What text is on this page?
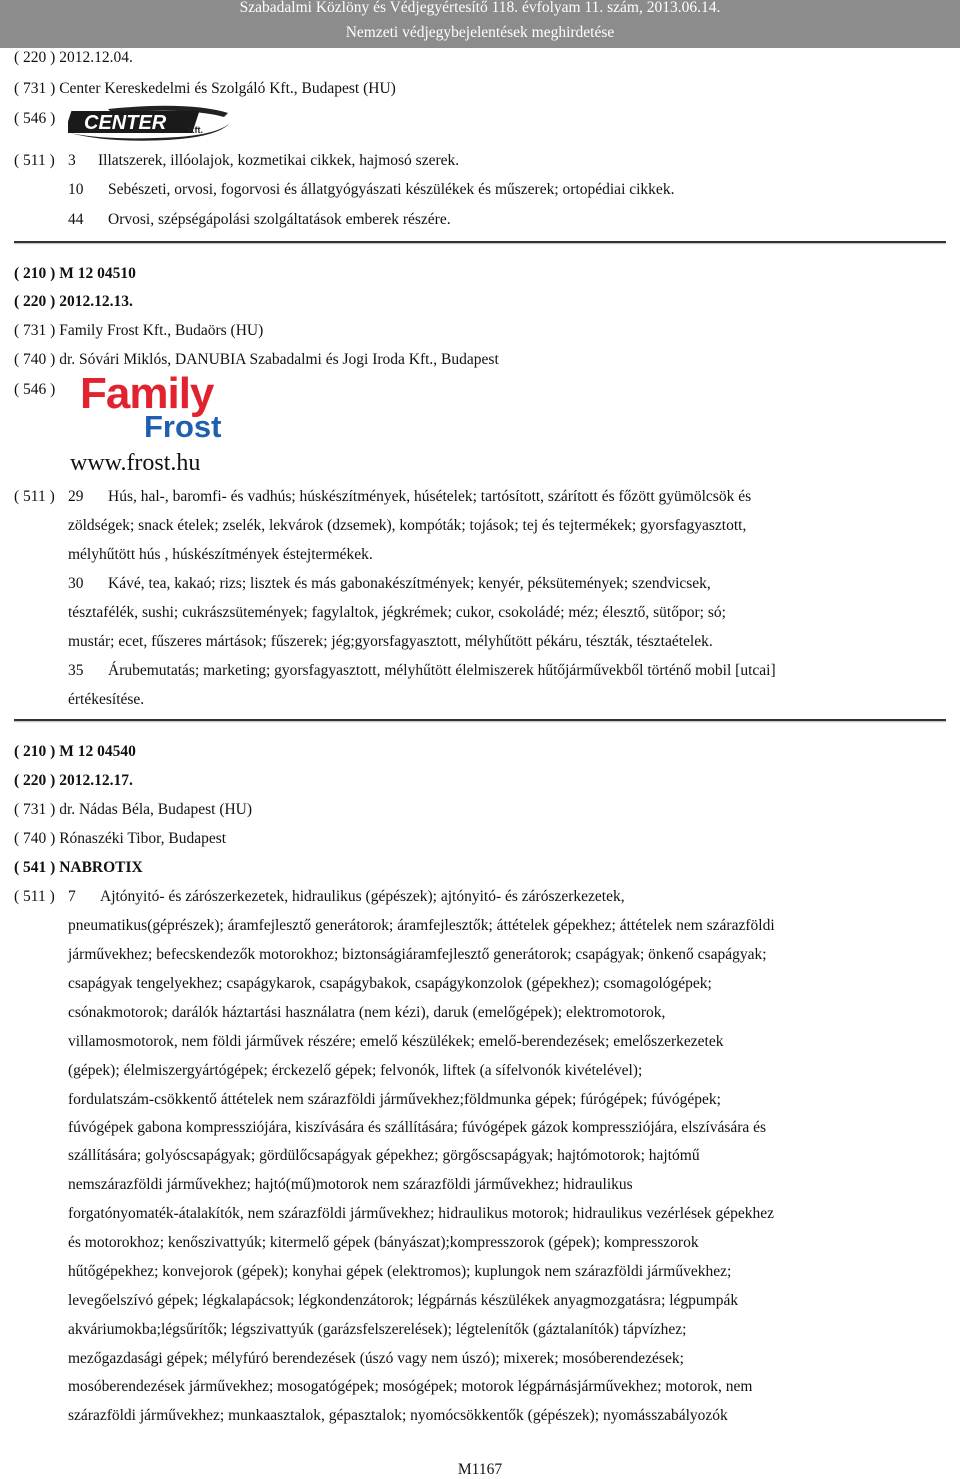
Szabadalmi Közlöny és Védjegyértesítő 118. évfolyam 11. szám, 2013.06.14.
Nemzeti védjegybejelentések meghirdetése
( 220 ) 2012.12.04.
( 731 ) Center Kereskedelmi és Szolgáló Kft., Budapest (HU)
( 546 ) CENTER Kft.
( 511 ) 3 Illatszerek, illóolajok, kozmetikai cikkek, hajmosó szerek.
10 Sebészeti, orvosi, fogorvosi és állatgyógyászati készülékek és műszerek; ortopédiai cikkek.
44 Orvosi, szépségápolási szolgáltatások emberek részére.
( 210 ) M 12 04510
( 220 ) 2012.12.13.
( 731 ) Family Frost Kft., Budaörs (HU)
( 740 ) dr. Sóvári Miklós, DANUBIA Szabadalmi és Jogi Iroda Kft., Budapest
( 546 ) Family
Frost
www.frost.hu
( 511 ) 29 Hús, hal-, baromfi- és vadhús; húskészítmények, húsételek; tartósított, szárított és főzött gyümölcsök és
zöldségek; snack ételek; zselék, lekvárok (dzsemek), kompóták; tojások; tej és tejtermékek; gyorsfagyasztott,
mélyhűtött hús , húskészítmények éstejtermékek.
30 Kávé, tea, kakaó; rizs; lisztek és más gabonakészítmények; kenyér, péksütemények; szendvicsek,
tésztafélék, sushi; cukrászsütemények; fagylaltok, jégkrémek; cukor, csokoládé; méz; élesztő, sütőpor; só;
mustár; ecet, fűszeres mártások; fűszerek; jég;gyorsfagyasztott, mélyhűtött pékáru, tészták, tésztaételek.
35 Árubemutatás; marketing; gyorsfagyasztott, mélyhűtött élelmiszerek hűtőjárművekből történő mobil [utcai]
értékesítése.
( 210 ) M 12 04540
( 220 ) 2012.12.17.
( 731 ) dr. Nádas Béla, Budapest (HU)
( 740 ) Rónaszéki Tibor, Budapest
( 541 ) NABROTIX
( 511 ) 7 Ajtónyitó- és zárószerkezetek, hidraulikus (gépészek); ajtónyitó- és zárószerkezetek,
pneumatikus(géprészek); áramfejlesztő generátorok; áramfejlesztők; áttételek gépekhez; áttételek nem szárazföldi
járművekhez; befecskendezők motorokhoz; biztonságiáramfejlesztő generátorok; csapágyak; önkenő csapágyak;
csapágyak tengelyekhez; csapágykarok, csapágybakok, csapágykonzolok (gépekhez); csomagológépek;
csónakmotorok; darálók háztartási használatra (nem kézi), daruk (emelőgépek); elektromotorok,
villamosmotorok, nem földi járművek részére; emelő készülékek; emelő-berendezések; emelőszerkezetek
(gépek); élelmiszergyártógépek; érckezelő gépek; felvonók, liftek (a sífelvonók kivételével);
fordulatszám-csökkentő áttételek nem szárazföldi járművekhez;földmunka gépek; fúrógépek; fúvógépek;
fúvógépek gabona kompressziójára, kiszívására és szállítására; fúvógépek gázok kompressziójára, elszívására és
szállítására; golyóscsapágyak; gördülőcsapágyak gépekhez; görgőscsapágyak; hajtómotorok; hajtómű
nemszárazföldi járművekhez; hajtó(mű)motorok nem szárazföldi járművekhez; hidraulikus
forgatónyomaték-átalakítók, nem szárazföldi járművekhez; hidraulikus motorok; hidraulikus vezérlések gépekhez
és motorokhoz; kenőszivattyúk; kitermelő gépek (bányászat);kompresszorok (gépek); kompresszorok
hűtőgépekhez; konvejorok (gépek); konyhai gépek (elektromos); kuplungok nem szárazföldi járművekhez;
levegőelszívó gépek; légkalapácsok; légkondenzátorok; légpárnás készülékek anyagmozgatásra; légpumpák
akváriumokba;légsűrítők; légszivattyúk (garázsfelszerelések); légtelenítők (gáztalanítók) tápvízhez;
mezőgazdasági gépek; mélyfúró berendezések (úszó vagy nem úszó); mixerek; mosóberendezések;
mosóberendezések járművekhez; mosogatógépek; mosógépek; motorok légpárnásjárművekhez; motorok, nem
szárazföldi járművekhez; munkaasztalok, gépasztalok; nyomócsökkentők (gépészek); nyomásszabályozók
M1167
